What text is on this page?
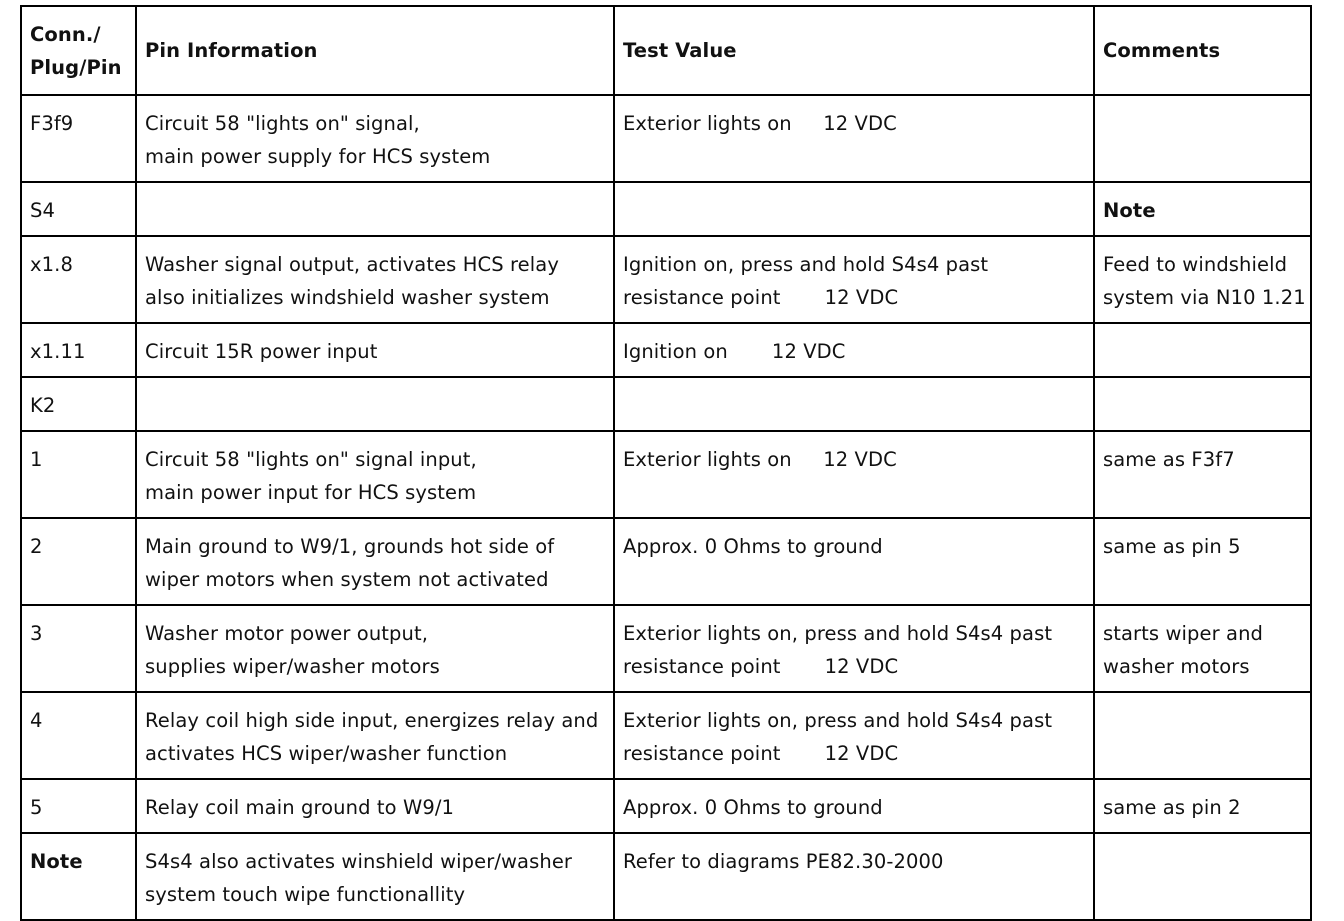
Conn./
Plug/Pin	Pin Information	Test Value	Comments
F3f9	Circuit 58 "lights on" signal,
main power supply for HCS system	Exterior lights on     12 VDC	

S4			Note

x1.8	Washer signal output, activates HCS relay
also initializes windshield washer system	Ignition on, press and hold S4s4 past
resistance point       12 VDC	Feed to windshield
system via N10 1.21

x1.11	Circuit 15R power input	Ignition on       12 VDC	

K2			
1	Circuit 58 "lights on" signal input,
main power input for HCS system	Exterior lights on     12 VDC	same as F3f7

2	Main ground to W9/1, grounds hot side of
wiper motors when system not activated	Approx. 0 Ohms to ground	same as pin 5

3	Washer motor power output,
supplies wiper/washer motors	Exterior lights on, press and hold S4s4 past
resistance point       12 VDC	starts wiper and
washer motors

4	Relay coil high side input, energizes relay and
activates HCS wiper/washer function	Exterior lights on, press and hold S4s4 past
resistance point       12 VDC	

5	Relay coil main ground to W9/1	Approx. 0 Ohms to ground	same as pin 2

Note	S4s4 also activates winshield wiper/washer
system touch wipe functionallity	Refer to diagrams PE82.30-2000	
